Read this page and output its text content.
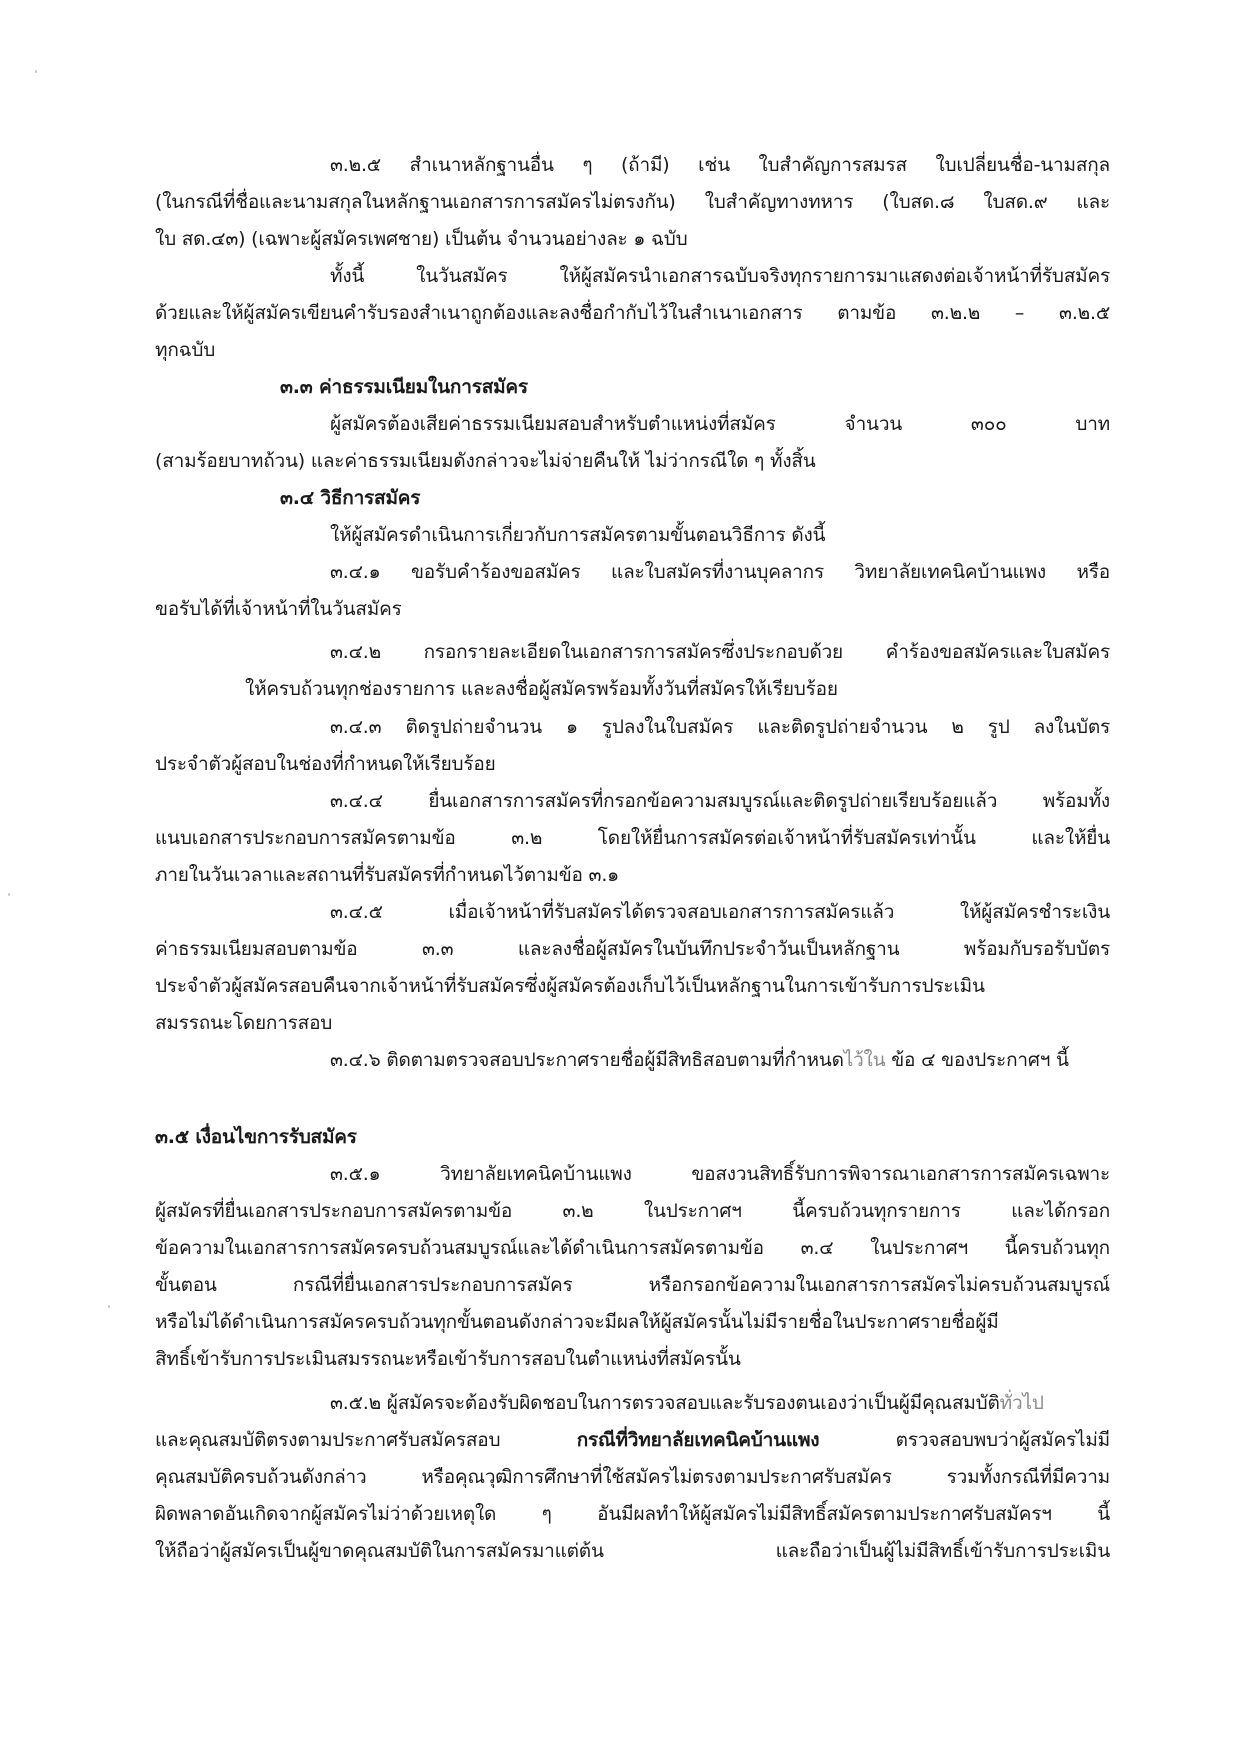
๓.๒.๕ สำเนาหลักฐานอื่น ๆ (ถ้ามี) เช่น ใบสำคัญการสมรส ใบเปลี่ยนชื่อ-นามสกุล
(ในกรณีที่ชื่อและนามสกุลในหลักฐานเอกสารการสมัครไม่ตรงกัน) ใบสำคัญทางทหาร (ใบสด.๘ ใบสด.๙ และ
ใบ สด.๔๓) (เฉพาะผู้สมัครเพศชาย) เป็นต้น จำนวนอย่างละ ๑ ฉบับ
ทั้งนี้ ในวันสมัคร ให้ผู้สมัครนำเอกสารฉบับจริงทุกรายการมาแสดงต่อเจ้าหน้าที่รับสมัคร
ด้วยและให้ผู้สมัครเขียนคำรับรองสำเนาถูกต้องและลงชื่อกำกับไว้ในสำเนาเอกสาร ตามข้อ ๓.๒.๒ – ๓.๒.๕
ทุกฉบับ
๓.๓ ค่าธรรมเนียมในการสมัคร
ผู้สมัครต้องเสียค่าธรรมเนียมสอบสำหรับตำแหน่งที่สมัคร จำนวน ๓๐๐ บาท
(สามร้อยบาทถ้วน) และค่าธรรมเนียมดังกล่าวจะไม่จ่ายคืนให้ ไม่ว่ากรณีใด ๆ ทั้งสิ้น
๓.๔ วิธีการสมัคร
ให้ผู้สมัครดำเนินการเกี่ยวกับการสมัครตามขั้นตอนวิธีการ ดังนี้
๓.๔.๑ ขอรับคำร้องขอสมัคร และใบสมัครที่งานบุคลากร วิทยาลัยเทคนิคบ้านแพง หรือ
ขอรับได้ที่เจ้าหน้าที่ในวันสมัคร
๓.๔.๒ กรอกรายละเอียดในเอกสารการสมัครซึ่งประกอบด้วย คำร้องขอสมัครและใบสมัคร
ให้ครบถ้วนทุกช่องรายการ และลงชื่อผู้สมัครพร้อมทั้งวันที่สมัครให้เรียบร้อย
๓.๔.๓ ติดรูปถ่ายจำนวน ๑ รูปลงในใบสมัคร และติดรูปถ่ายจำนวน ๒ รูป ลงในบัตร
ประจำตัวผู้สอบในช่องที่กำหนดให้เรียบร้อย
๓.๔.๔ ยื่นเอกสารการสมัครที่กรอกข้อความสมบูรณ์และติดรูปถ่ายเรียบร้อยแล้ว พร้อมทั้ง
แนบเอกสารประกอบการสมัครตามข้อ ๓.๒ โดยให้ยื่นการสมัครต่อเจ้าหน้าที่รับสมัครเท่านั้น และให้ยื่น
ภายในวันเวลาและสถานที่รับสมัครที่กำหนดไว้ตามข้อ ๓.๑
๓.๔.๕ เมื่อเจ้าหน้าที่รับสมัครได้ตรวจสอบเอกสารการสมัครแล้ว ให้ผู้สมัครชำระเงิน
ค่าธรรมเนียมสอบตามข้อ ๓.๓ และลงชื่อผู้สมัครในบันทึกประจำวันเป็นหลักฐาน พร้อมกับรอรับบัตร
ประจำตัวผู้สมัครสอบคืนจากเจ้าหน้าที่รับสมัครซึ่งผู้สมัครต้องเก็บไว้เป็นหลักฐานในการเข้ารับการประเมิน
สมรรถนะโดยการสอบ
๓.๔.๖ ติดตามตรวจสอบประกาศรายชื่อผู้มีสิทธิสอบตามที่กำหนดไว้ใน ข้อ ๔ ของประกาศฯ นี้
๓.๕ เงื่อนไขการรับสมัคร
๓.๕.๑ วิทยาลัยเทคนิคบ้านแพง ขอสงวนสิทธิ์รับการพิจารณาเอกสารการสมัครเฉพาะ
ผู้สมัครที่ยื่นเอกสารประกอบการสมัครตามข้อ ๓.๒ ในประกาศฯ นี้ครบถ้วนทุกรายการ และได้กรอก
ข้อความในเอกสารการสมัครครบถ้วนสมบูรณ์และได้ดำเนินการสมัครตามข้อ ๓.๔ ในประกาศฯ นี้ครบถ้วนทุก
ขั้นตอน กรณีที่ยื่นเอกสารประกอบการสมัคร หรือกรอกข้อความในเอกสารการสมัครไม่ครบถ้วนสมบูรณ์
หรือไม่ได้ดำเนินการสมัครครบถ้วนทุกขั้นตอนดังกล่าวจะมีผลให้ผู้สมัครนั้นไม่มีรายชื่อในประกาศรายชื่อผู้มี
สิทธิ์เข้ารับการประเมินสมรรถนะหรือเข้ารับการสอบในตำแหน่งที่สมัครนั้น
๓.๕.๒ ผู้สมัครจะต้องรับผิดชอบในการตรวจสอบและรับรองตนเองว่าเป็นผู้มีคุณสมบัติทั่วไป
และคุณสมบัติตรงตามประกาศรับสมัครสอบ กรณีที่วิทยาลัยเทคนิคบ้านแพง ตรวจสอบพบว่าผู้สมัครไม่มี
คุณสมบัติครบถ้วนดังกล่าว หรือคุณวุฒิการศึกษาที่ใช้สมัครไม่ตรงตามประกาศรับสมัคร รวมทั้งกรณีที่มีความ
ผิดพลาดอันเกิดจากผู้สมัครไม่ว่าด้วยเหตุใด ๆ อันมีผลทำให้ผู้สมัครไม่มีสิทธิ์สมัครตามประกาศรับสมัครฯ นี้
ให้ถือว่าผู้สมัครเป็นผู้ขาดคุณสมบัติในการสมัครมาแต่ต้น และถือว่าเป็นผู้ไม่มีสิทธิ์เข้ารับการประเมิน
